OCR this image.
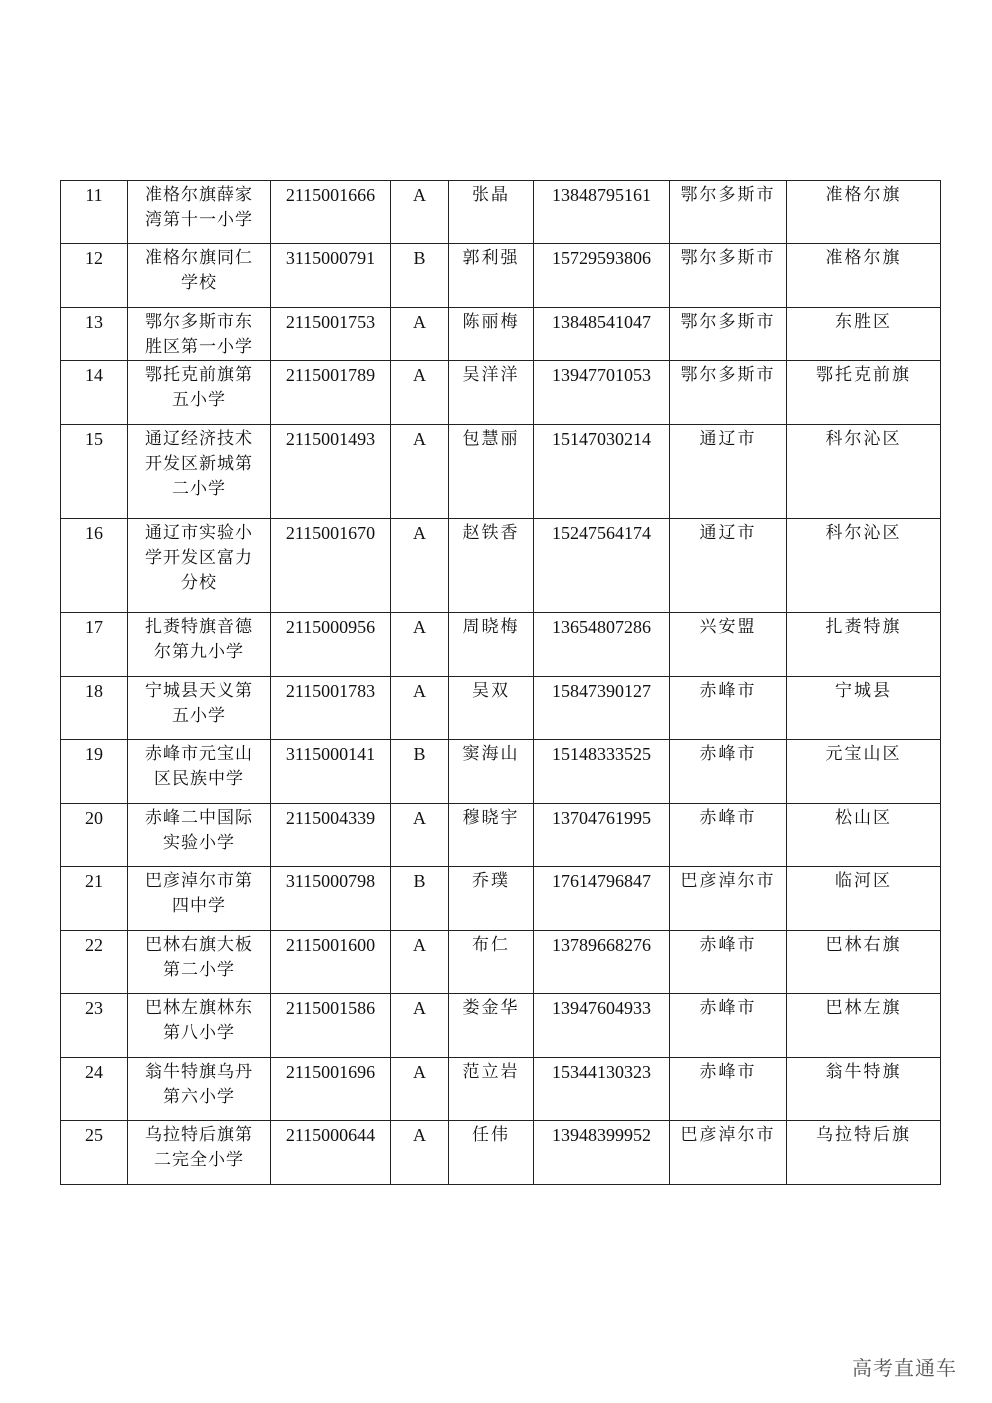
11	准格尔旗薛家湾第十一小学	2115001666	A	张晶	13848795161	鄂尔多斯市	准格尔旗
12	准格尔旗同仁学校	3115000791	B	郭利强	15729593806	鄂尔多斯市	准格尔旗
13	鄂尔多斯市东胜区第一小学	2115001753	A	陈丽梅	13848541047	鄂尔多斯市	东胜区
14	鄂托克前旗第五小学	2115001789	A	吴洋洋	13947701053	鄂尔多斯市	鄂托克前旗
15	通辽经济技术开发区新城第二小学	2115001493	A	包慧丽	15147030214	通辽市	科尔沁区
16	通辽市实验小学开发区富力分校	2115001670	A	赵铁香	15247564174	通辽市	科尔沁区
17	扎赉特旗音德尔第九小学	2115000956	A	周晓梅	13654807286	兴安盟	扎赉特旗
18	宁城县天义第五小学	2115001783	A	吴双	15847390127	赤峰市	宁城县
19	赤峰市元宝山区民族中学	3115000141	B	窦海山	15148333525	赤峰市	元宝山区
20	赤峰二中国际实验小学	2115004339	A	穆晓宇	13704761995	赤峰市	松山区
21	巴彦淖尔市第四中学	3115000798	B	乔璞	17614796847	巴彦淖尔市	临河区
22	巴林右旗大板第二小学	2115001600	A	布仁	13789668276	赤峰市	巴林右旗
23	巴林左旗林东第八小学	2115001586	A	娄金华	13947604933	赤峰市	巴林左旗
24	翁牛特旗乌丹第六小学	2115001696	A	范立岩	15344130323	赤峰市	翁牛特旗
25	乌拉特后旗第二完全小学	2115000644	A	任伟	13948399952	巴彦淖尔市	乌拉特后旗
高考直通车
